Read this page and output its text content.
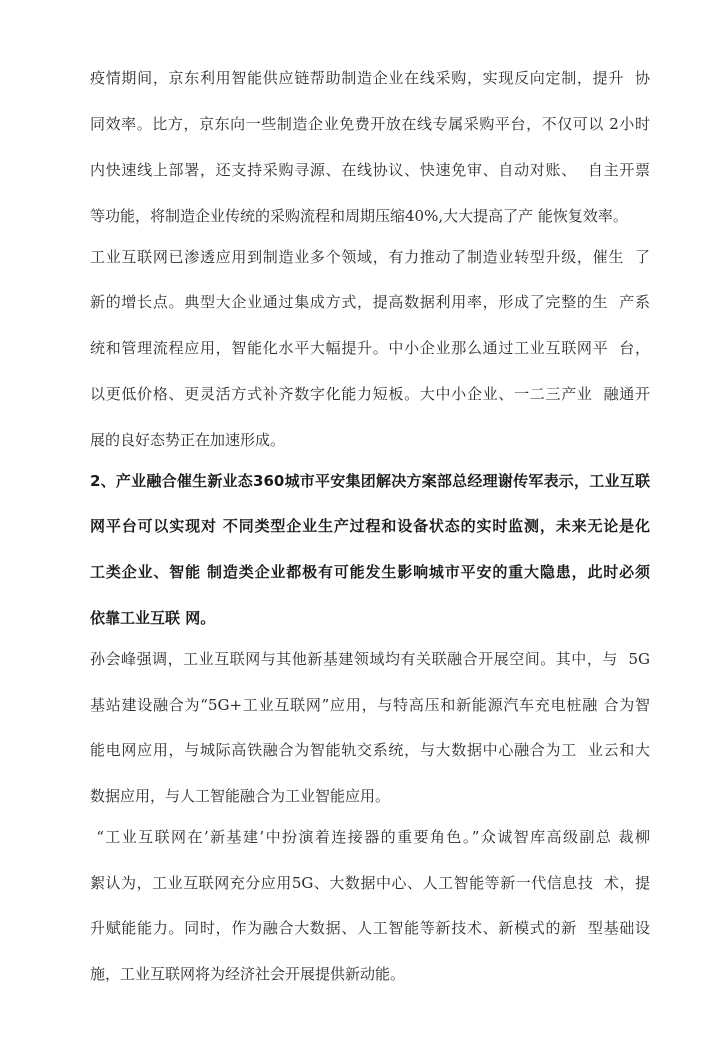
疫情期间，京东利用智能供应链帮助制造企业在线采购，实现反向定制，提升  协
同效率。比方，京东向一些制造企业免费开放在线专属采购平台，不仅可以 2小时
内快速线上部署，还支持采购寻源、在线协议、快速免审、自动对账、  自主开票
等功能，将制造企业传统的采购流程和周期压缩40%,大大提高了产 能恢复效率。
工业互联网已渗透应用到制造业多个领域，有力推动了制造业转型升级，催生  了
新的增长点。典型大企业通过集成方式，提高数据利用率，形成了完整的生  产系
统和管理流程应用，智能化水平大幅提升。中小企业那么通过工业互联网平  台，
以更低价格、更灵活方式补齐数字化能力短板。大中小企业、一二三产业  融通开
展的良好态势正在加速形成。
2、产业融合催生新业态360城市平安集团解决方案部总经理谢传军表示，工业互联
网平台可以实现对 不同类型企业生产过程和设备状态的实时监测，未来无论是化
工类企业、智能 制造类企业都极有可能发生影响城市平安的重大隐患，此时必须
依靠工业互联 网。
孙会峰强调，工业互联网与其他新基建领域均有关联融合开展空间。其中，与  5G
基站建设融合为“5G+工业互联网”应用，与特高压和新能源汽车充电桩融 合为智
能电网应用，与城际高铁融合为智能轨交系统，与大数据中心融合为工  业云和大
数据应用，与人工智能融合为工业智能应用。
“工业互联网在’新基建’中扮演着连接器的重要角色。”众诚智库高级副总 裁柳
絮认为，工业互联网充分应用5G、大数据中心、人工智能等新一代信息技  术，提
升赋能能力。同时，作为融合大数据、人工智能等新技术、新模式的新  型基础设
施，工业互联网将为经济社会开展提供新动能。
